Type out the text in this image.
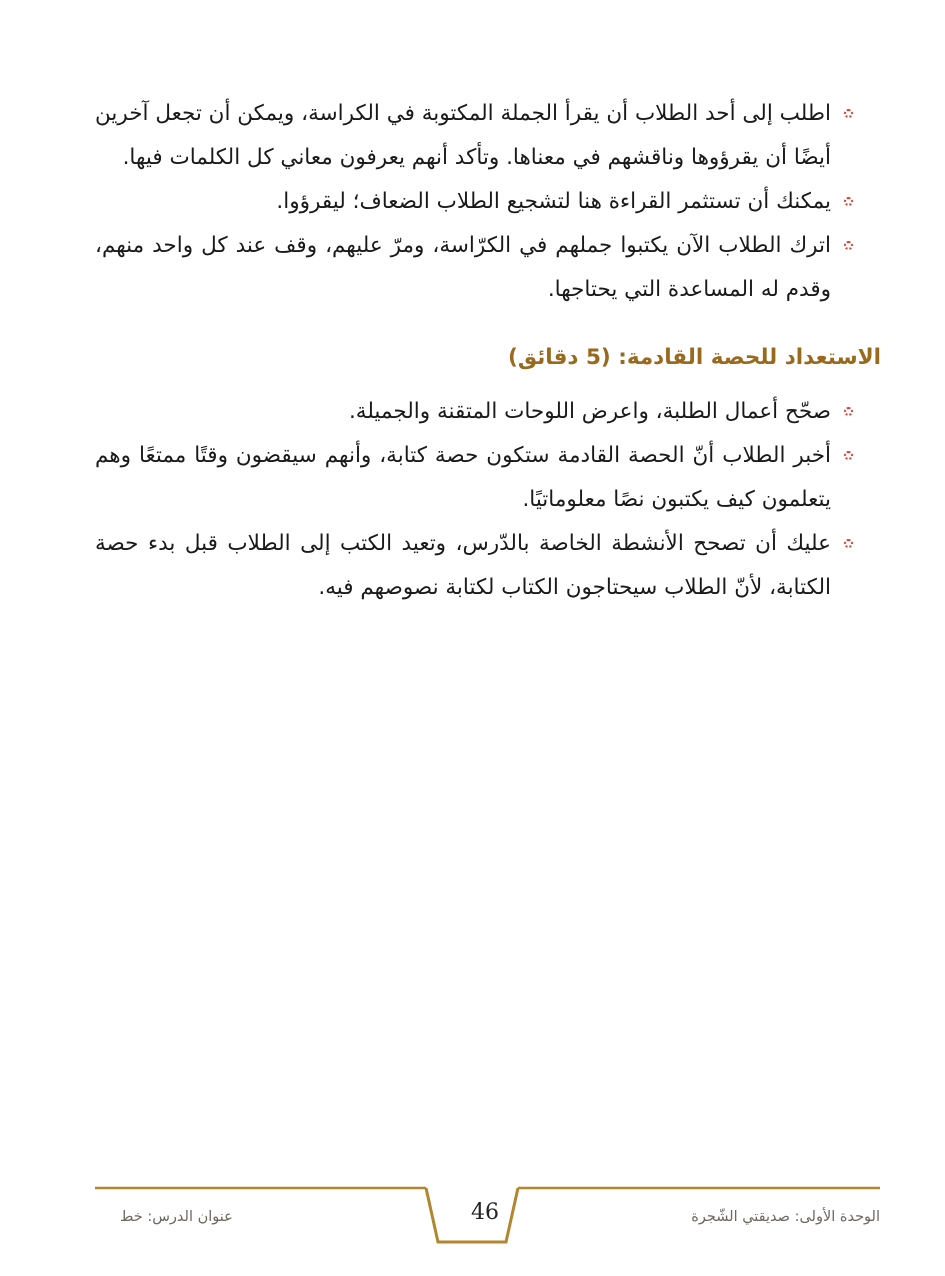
اطلب إلى أحد الطلاب أن يقرأ الجملة المكتوبة في الكراسة، ويمكن أن تجعل آخرين أيضًا أن يقرؤوها وناقشهم في معناها. وتأكد أنهم يعرفون معاني كل الكلمات فيها.

يمكنك أن تستثمر القراءة هنا لتشجيع الطلاب الضعاف؛ ليقرؤوا.

اترك الطلاب الآن يكتبوا جملهم في الكرّاسة، ومرّ عليهم، وقف عند كل واحد منهم، وقدم له المساعدة التي يحتاجها.

الاستعداد للحصة القادمة: (5 دقائق)

صحّح أعمال الطلبة، واعرض اللوحات المتقنة والجميلة.

أخبر الطلاب أنّ الحصة القادمة ستكون حصة كتابة، وأنهم سيقضون وقتًا ممتعًا وهم يتعلمون كيف يكتبون نصًا معلوماتيًا.

عليك أن تصحح الأنشطة الخاصة بالدّرس، وتعيد الكتب إلى الطلاب قبل بدء حصة الكتابة، لأنّ الطلاب سيحتاجون الكتاب لكتابة نصوصهم فيه.

46
عنوان الدرس: خط	الوحدة الأولى: صديقتي الشّجرة
